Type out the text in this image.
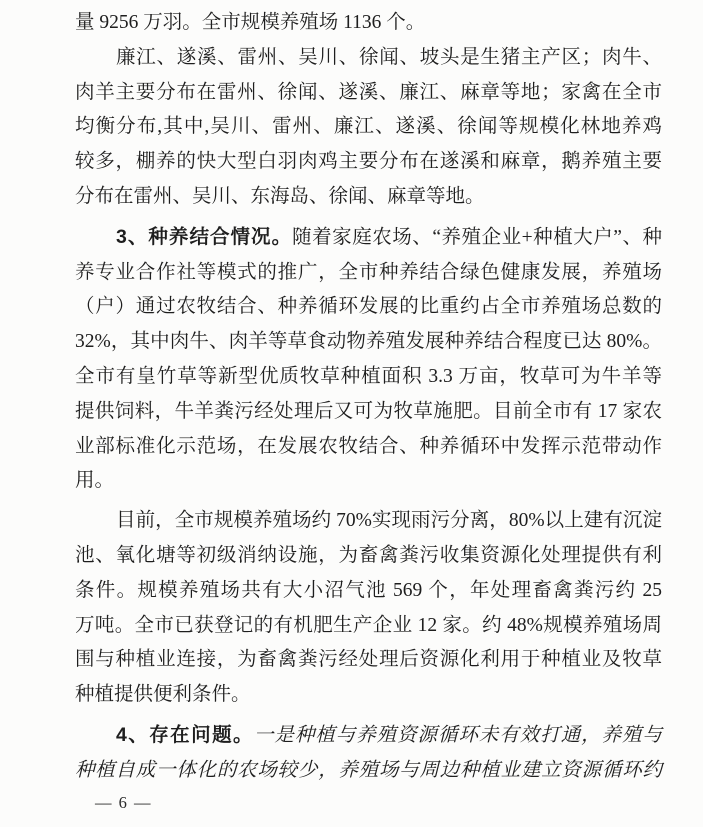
量 9256 万羽。全市规模养殖场 1136 个。
廉江、遂溪、雷州、吴川、徐闻、坡头是生猪主产区；肉牛、
肉羊主要分布在雷州、徐闻、遂溪、廉江、麻章等地；家禽在全市
均衡分布,其中,吴川、雷州、廉江、遂溪、徐闻等规模化林地养鸡
较多，棚养的快大型白羽肉鸡主要分布在遂溪和麻章，鹅养殖主要
分布在雷州、吴川、东海岛、徐闻、麻章等地。
3、种养结合情况。随着家庭农场、“养殖企业+种植大户”、种
养专业合作社等模式的推广，全市种养结合绿色健康发展，养殖场
（户）通过农牧结合、种养循环发展的比重约占全市养殖场总数的
32%，其中肉牛、肉羊等草食动物养殖发展种养结合程度已达 80%。
全市有皇竹草等新型优质牧草种植面积 3.3 万亩，牧草可为牛羊等
提供饲料，牛羊粪污经处理后又可为牧草施肥。目前全市有 17 家农
业部标准化示范场，在发展农牧结合、种养循环中发挥示范带动作
用。
目前，全市规模养殖场约 70%实现雨污分离，80%以上建有沉淀
池、氧化塘等初级消纳设施，为畜禽粪污收集资源化处理提供有利
条件。规模养殖场共有大小沼气池 569 个，年处理畜禽粪污约 25
万吨。全市已获登记的有机肥生产企业 12 家。约 48%规模养殖场周
围与种植业连接，为畜禽粪污经处理后资源化利用于种植业及牧草
种植提供便利条件。
4、存在问题。一是种植与养殖资源循环未有效打通，养殖与
种植自成一体化的农场较少，养殖场与周边种植业建立资源循环约
— 6 —
